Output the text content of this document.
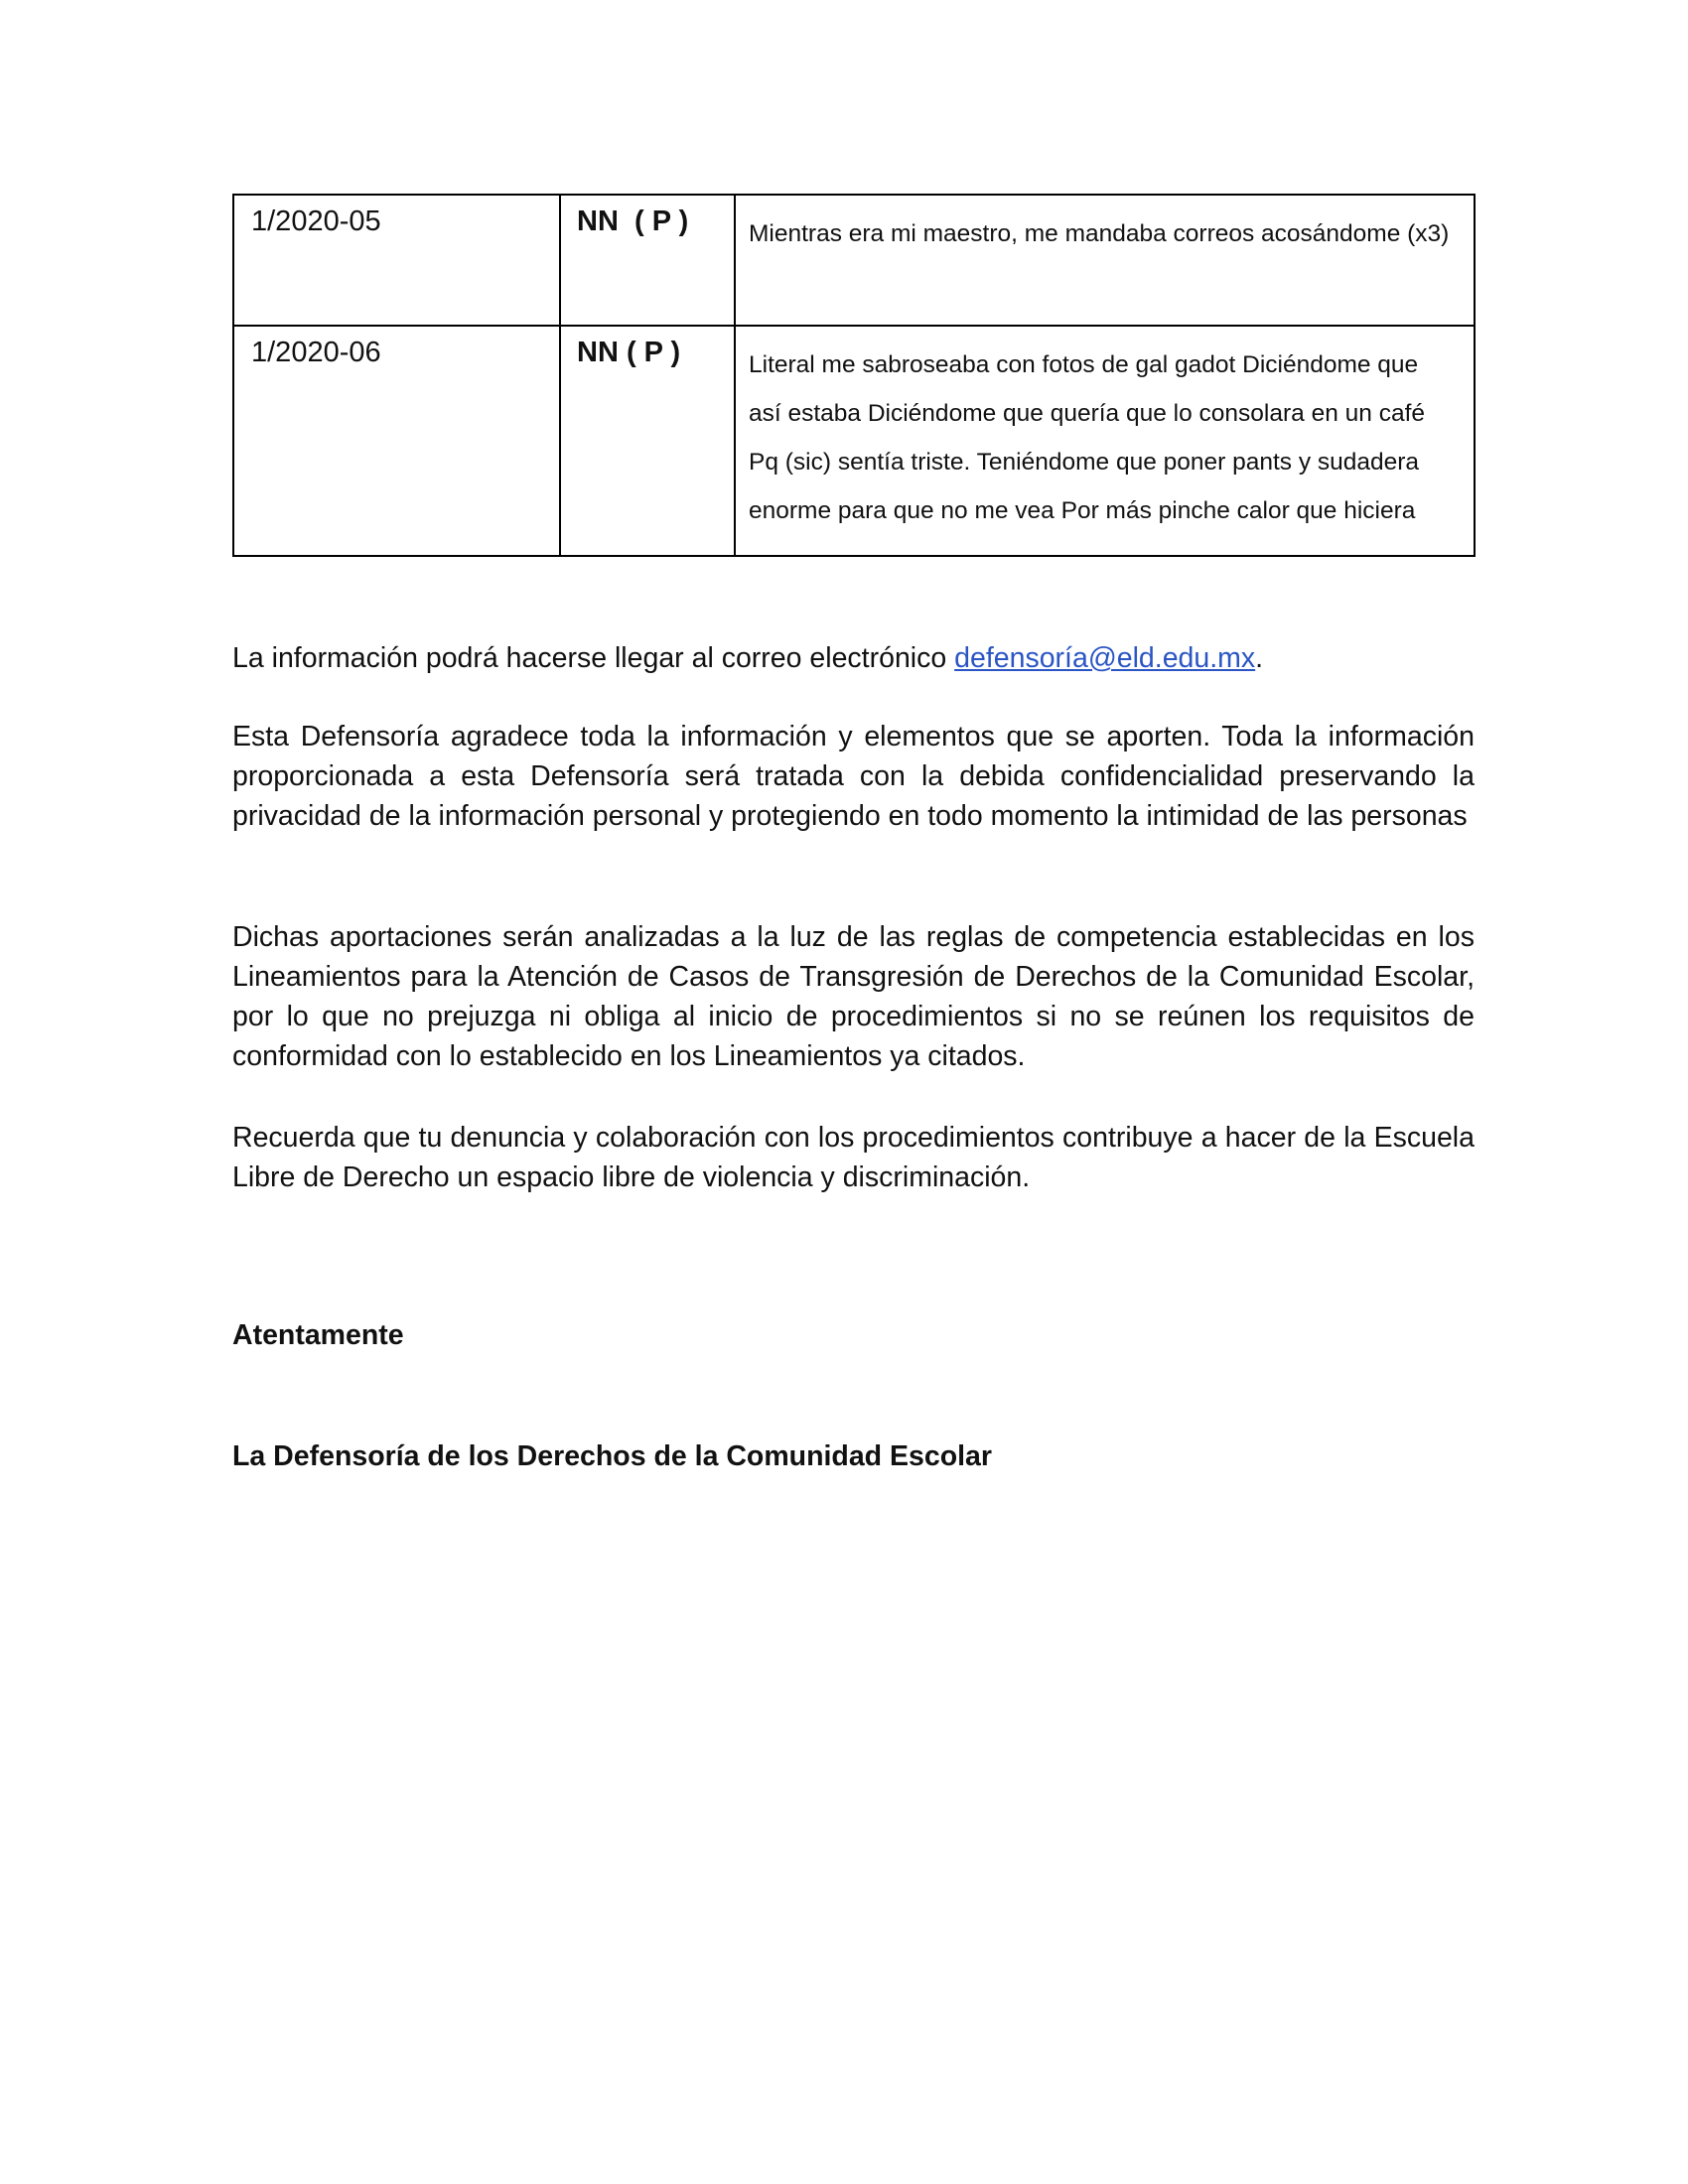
1/2020-05	NN  ( P )	Mientras era mi maestro, me mandaba correos acosándome (x3)

1/2020-06	NN ( P )	Literal me sabroseaba con fotos de gal gadot Diciéndome que así estaba Diciéndome que quería que lo consolara en un café Pq (sic) sentía triste. Teniéndome que poner pants y sudadera enorme para que no me vea Por más pinche calor que hiciera

La información podrá hacerse llegar al correo electrónico defensoría@eld.edu.mx.

Esta Defensoría agradece toda la información y elementos que se aporten. Toda la información proporcionada a esta Defensoría será tratada con la debida confidencialidad preservando la privacidad de la información personal y protegiendo en todo momento la intimidad de las personas

Dichas aportaciones serán analizadas a la luz de las reglas de competencia establecidas en los Lineamientos para la Atención de Casos de Transgresión de Derechos de la Comunidad Escolar, por lo que no prejuzga ni obliga al inicio de procedimientos si no se reúnen los requisitos de conformidad con lo establecido en los Lineamientos ya citados.

Recuerda que tu denuncia y colaboración con los procedimientos contribuye a hacer de la Escuela Libre de Derecho un espacio libre de violencia y discriminación.

Atentamente

La Defensoría de los Derechos de la Comunidad Escolar
